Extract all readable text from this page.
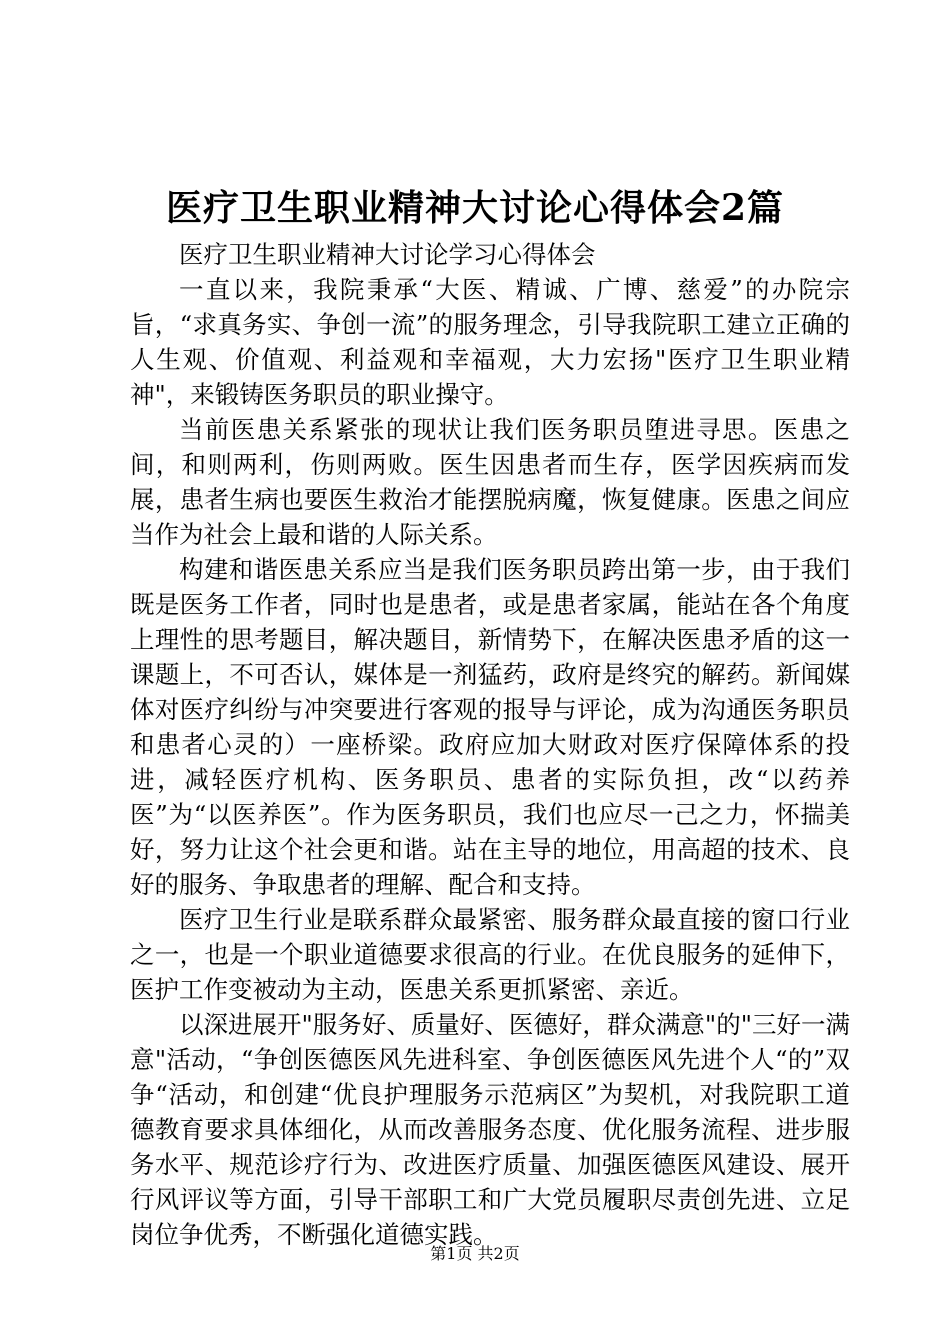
医疗卫生职业精神大讨论心得体会2篇

医疗卫生职业精神大讨论学习心得体会

一直以来，我院秉承“大医、精诚、广博、慈爱”的办院宗旨，“求真务实、争创一流”的服务理念，引导我院职工建立正确的人生观、价值观、利益观和幸福观，大力宏扬"医疗卫生职业精神"，来锻铸医务职员的职业操守。

当前医患关系紧张的现状让我们医务职员堕进寻思。医患之间，和则两利，伤则两败。医生因患者而生存，医学因疾病而发展，患者生病也要医生救治才能摆脱病魔，恢复健康。医患之间应当作为社会上最和谐的人际关系。

构建和谐医患关系应当是我们医务职员跨出第一步，由于我们既是医务工作者，同时也是患者，或是患者家属，能站在各个角度上理性的思考题目，解决题目，新情势下，在解决医患矛盾的这一课题上，不可否认，媒体是一剂猛药，政府是终究的解药。新闻媒体对医疗纠纷与冲突要进行客观的报导与评论，成为沟通医务职员和患者心灵的）一座桥梁。政府应加大财政对医疗保障体系的投进，减轻医疗机构、医务职员、患者的实际负担，改“以药养医”为“以医养医”。作为医务职员，我们也应尽一己之力，怀揣美好，努力让这个社会更和谐。站在主导的地位，用高超的技术、良好的服务、争取患者的理解、配合和支持。

医疗卫生行业是联系群众最紧密、服务群众最直接的窗口行业之一，也是一个职业道德要求很高的行业。在优良服务的延伸下，医护工作变被动为主动，医患关系更抓紧密、亲近。

以深进展开"服务好、质量好、医德好，群众满意"的"三好一满意"活动，“争创医德医风先进科室、争创医德医风先进个人“的”双争“活动，和创建“优良护理服务示范病区”为契机，对我院职工道德教育要求具体细化，从而改善服务态度、优化服务流程、进步服务水平、规范诊疗行为、改进医疗质量、加强医德医风建设、展开行风评议等方面，引导干部职工和广大党员履职尽责创先进、立足岗位争优秀，不断强化道德实践。

第1页 共2页
